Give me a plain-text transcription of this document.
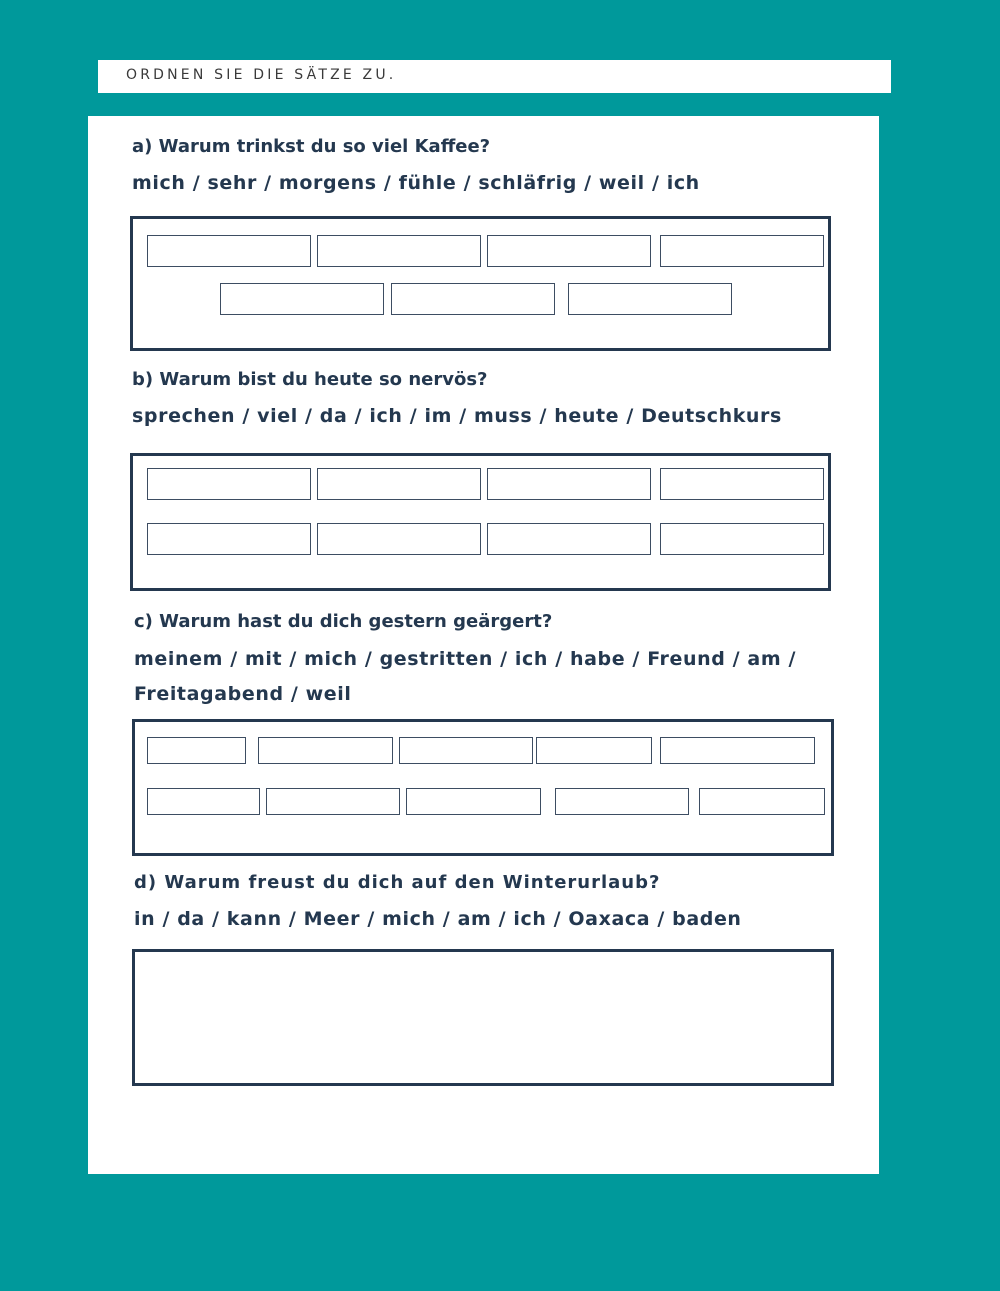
ORDNEN SIE DIE SÄTZE ZU.
a) Warum trinkst du so viel Kaffee?
mich / sehr / morgens / fühle / schläfrig / weil / ich
b) Warum bist du heute so nervös?
sprechen / viel / da / ich / im / muss / heute / Deutschkurs
c) Warum hast du dich gestern geärgert?
meinem / mit / mich / gestritten / ich / habe / Freund / am /
Freitagabend / weil
d) Warum freust du dich auf den Winterurlaub?
in / da / kann / Meer / mich / am / ich / Oaxaca / baden
